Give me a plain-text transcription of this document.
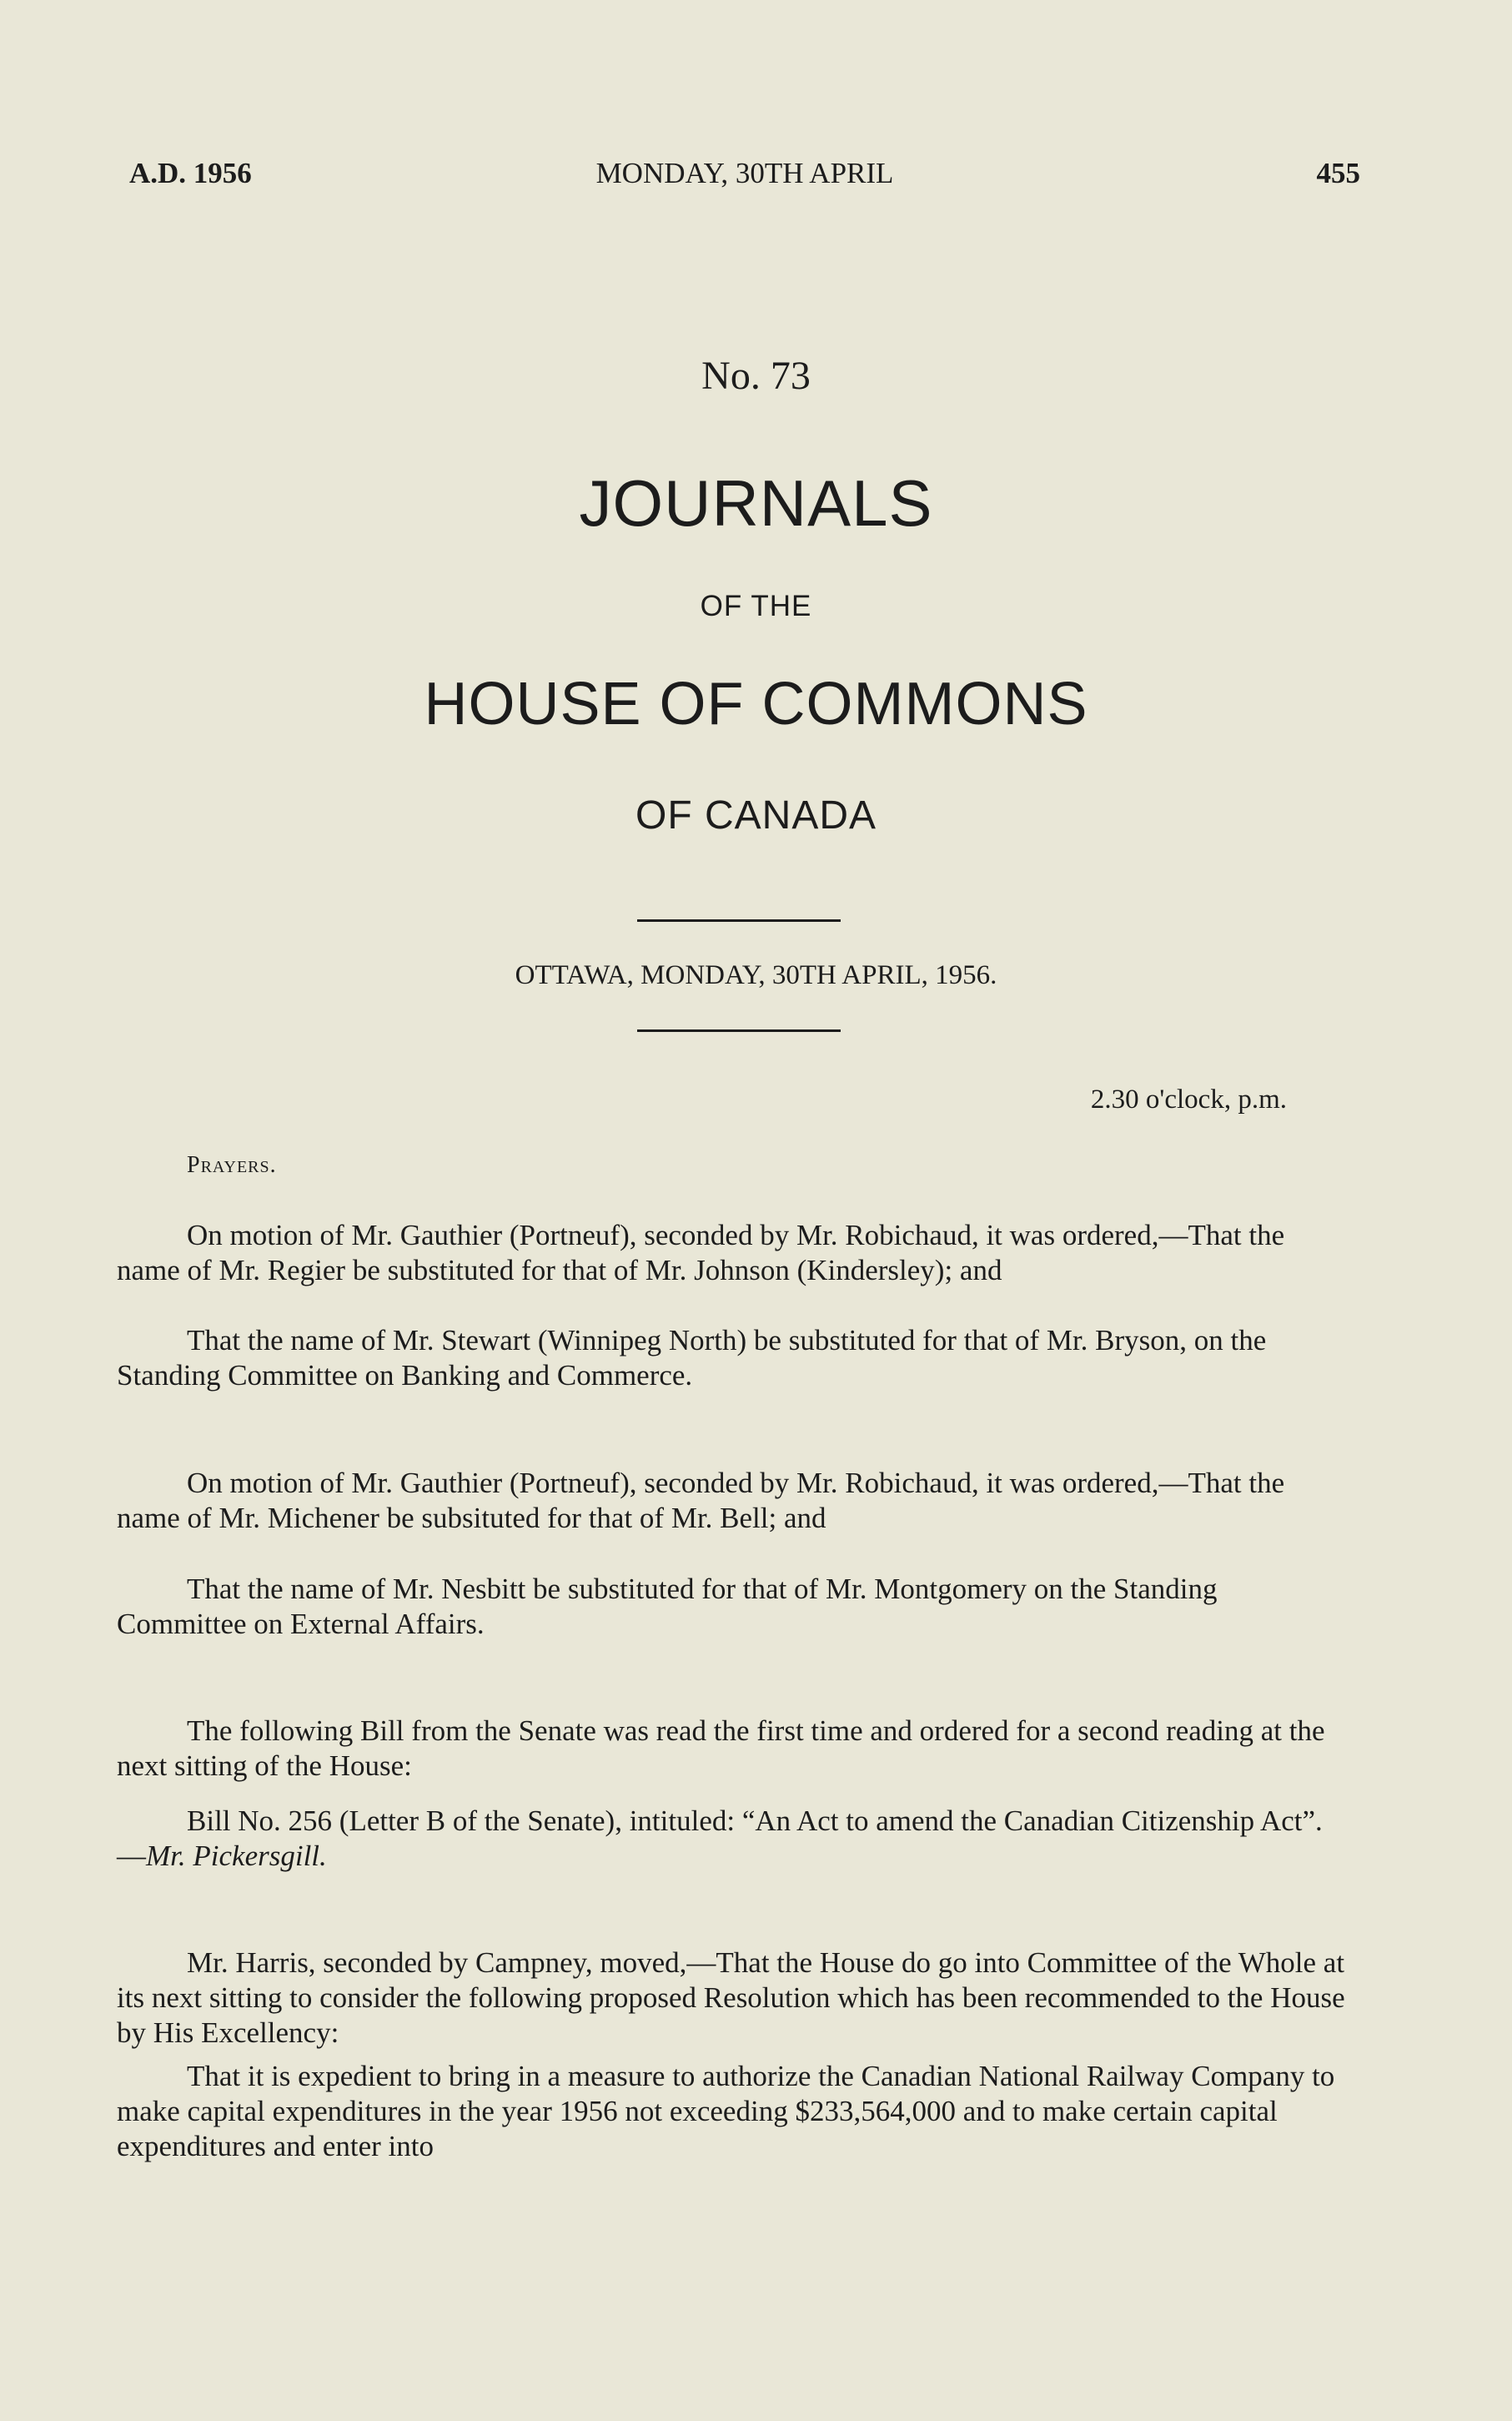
A.D. 1956	MONDAY, 30TH APRIL	455
No. 73
JOURNALS
OF THE
HOUSE OF COMMONS
OF CANADA
OTTAWA, MONDAY, 30TH APRIL, 1956.
2.30 o'clock, p.m.
Prayers.

On motion of Mr. Gauthier (Portneuf), seconded by Mr. Robichaud, it was ordered,—That the name of Mr. Regier be substituted for that of Mr. Johnson (Kindersley); and

That the name of Mr. Stewart (Winnipeg North) be substituted for that of Mr. Bryson, on the Standing Committee on Banking and Commerce.

On motion of Mr. Gauthier (Portneuf), seconded by Mr. Robichaud, it was ordered,—That the name of Mr. Michener be subsituted for that of Mr. Bell; and

That the name of Mr. Nesbitt be substituted for that of Mr. Montgomery on the Standing Committee on External Affairs.

The following Bill from the Senate was read the first time and ordered for a second reading at the next sitting of the House:

Bill No. 256 (Letter B of the Senate), intituled: “An Act to amend the Canadian Citizenship Act”.—Mr. Pickersgill.

Mr. Harris, seconded by Campney, moved,—That the House do go into Committee of the Whole at its next sitting to consider the following proposed Resolution which has been recommended to the House by His Excellency:

That it is expedient to bring in a measure to authorize the Canadian National Railway Company to make capital expenditures in the year 1956 not exceeding $233,564,000 and to make certain capital expenditures and enter into
